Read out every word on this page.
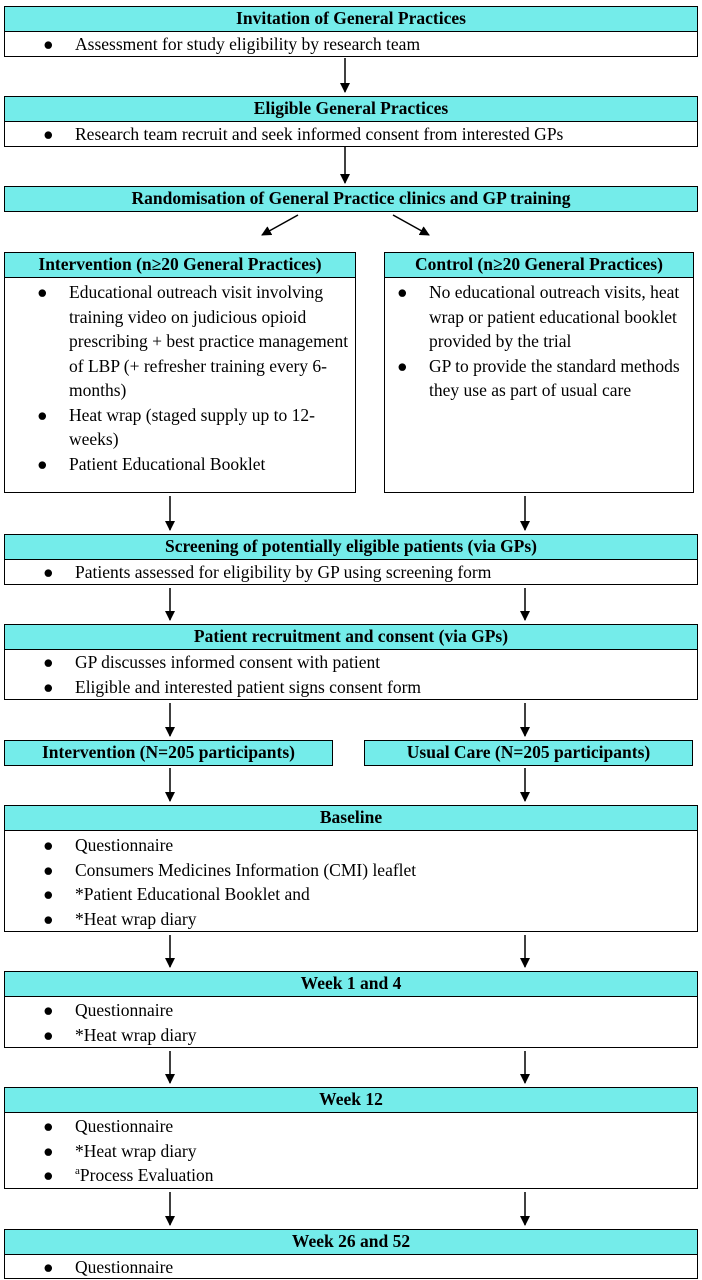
Invitation of General Practices
● Assessment for study eligibility by research team
Eligible General Practices
● Research team recruit and seek informed consent from interested GPs
Randomisation of General Practice clinics and GP training
Intervention (n≥20 General Practices)
● Educational outreach visit involving training video on judicious opioid prescribing + best practice management of LBP (+ refresher training every 6-months)
● Heat wrap (staged supply up to 12-weeks)
● Patient Educational Booklet
Control (n≥20 General Practices)
● No educational outreach visits, heat wrap or patient educational booklet provided by the trial
● GP to provide the standard methods they use as part of usual care
Screening of potentially eligible patients (via GPs)
● Patients assessed for eligibility by GP using screening form
Patient recruitment and consent (via GPs)
● GP discusses informed consent with patient
● Eligible and interested patient signs consent form
Intervention (N=205 participants)	Usual Care (N=205 participants)
Baseline
● Questionnaire
● Consumers Medicines Information (CMI) leaflet
● *Patient Educational Booklet and
● *Heat wrap diary
Week 1 and 4
● Questionnaire
● *Heat wrap diary
Week 12
● Questionnaire
● *Heat wrap diary
● $^a$Process Evaluation
Week 26 and 52
● Questionnaire
